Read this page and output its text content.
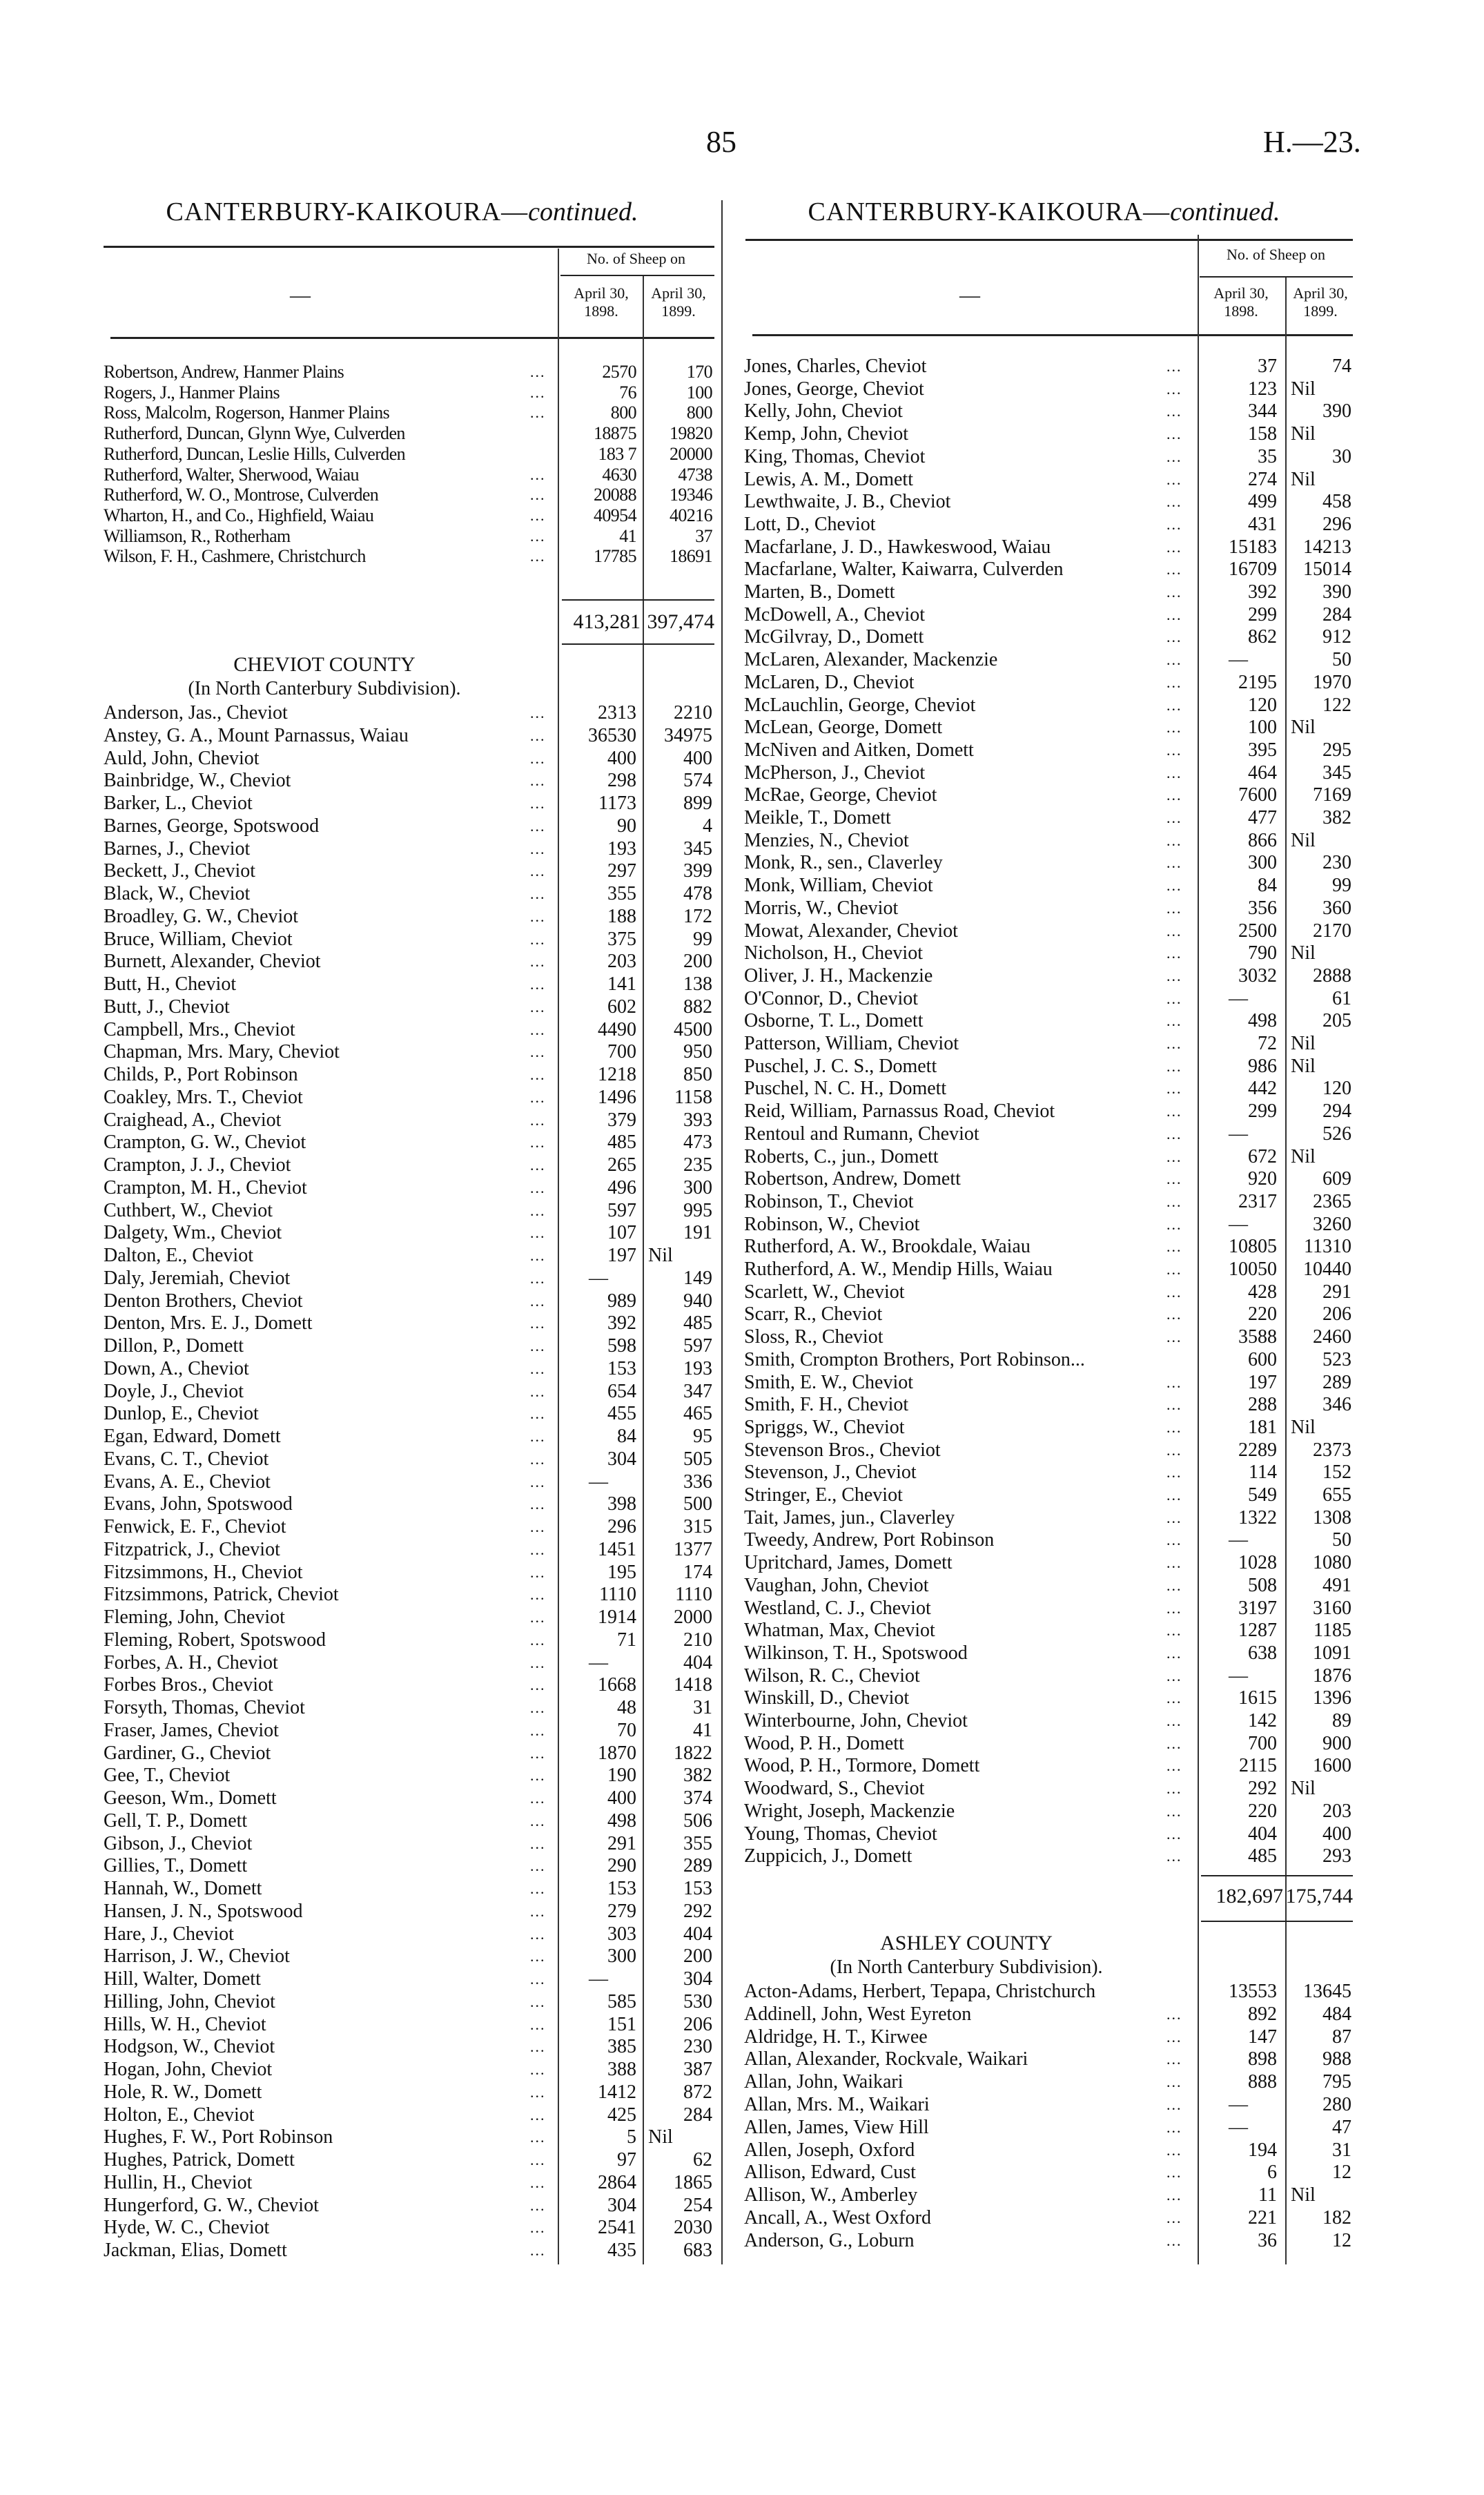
85	H.—23.
CANTERBURY-KAIKOURA—continued.
No. of Sheep on
—	April 30, 1898.
April 30, 1899.
Robertson, Andrew, Hanmer Plains	...	2570	170
Rogers, J., Hanmer Plains	...	76	100
Ross, Malcolm, Rogerson, Hanmer Plains	...	800	800
Rutherford, Duncan, Glynn Wye, Culverden	18875	19820
Rutherford, Duncan, Leslie Hills, Culverden	183 7	20000
Rutherford, Walter, Sherwood, Waiau	...	4630	4738
Rutherford, W. O., Montrose, Culverden	...	20088	19346
Wharton, H., and Co., Highfield, Waiau	...	40954	40216
Williamson, R., Rotherham	...	41	37
Wilson, F. H., Cashmere, Christchurch	...	17785	18691
413,281 397,474
CHEVIOT COUNTY
(In North Canterbury Subdivision).
Anderson, Jas., Cheviot	...	2313	2210
Anstey, G. A., Mount Parnassus, Waiau	...	36530	34975
Auld, John, Cheviot	...	400	400
Bainbridge, W., Cheviot	...	298	574
Barker, L., Cheviot	...	1173	899
Barnes, George, Spotswood	...	90	4
Barnes, J., Cheviot	...	193	345
Beckett, J., Cheviot	...	297	399
Black, W., Cheviot	...	355	478
Broadley, G. W., Cheviot	...	188	172
Bruce, William, Cheviot	...	375	99
Burnett, Alexander, Cheviot	...	203	200
Butt, H., Cheviot	...	141	138
Butt, J., Cheviot	...	602	882
Campbell, Mrs., Cheviot	...	4490	4500
Chapman, Mrs. Mary, Cheviot	...	700	950
Childs, P., Port Robinson	...	1218	850
Coakley, Mrs. T., Cheviot	...	1496	1158
Craighead, A., Cheviot	...	379	393
Crampton, G. W., Cheviot	...	485	473
Crampton, J. J., Cheviot	...	265	235
Crampton, M. H., Cheviot	...	496	300
Cuthbert, W., Cheviot	...	597	995
Dalgety, Wm., Cheviot	...	107	191
Dalton, E., Cheviot	...	197 Nil
Daly, Jeremiah, Cheviot	...	—	149
Denton Brothers, Cheviot	...	989	940
Denton, Mrs. E. J., Domett	...	392	485
Dillon, P., Domett	...	598	597
Down, A., Cheviot	...	153	193
Doyle, J., Cheviot	...	654	347
Dunlop, E., Cheviot	...	455	465
Egan, Edward, Domett	...	84	95
Evans, C. T., Cheviot	...	304	505
Evans, A. E., Cheviot	...	—	336
Evans, John, Spotswood	...	398	500
Fenwick, E. F., Cheviot	...	296	315
Fitzpatrick, J., Cheviot	...	1451	1377
Fitzsimmons, H., Cheviot	...	195	174
Fitzsimmons, Patrick, Cheviot	...	1110	1110
Fleming, John, Cheviot	...	1914	2000
Fleming, Robert, Spotswood	...	71	210
Forbes, A. H., Cheviot	...	—	404
Forbes Bros., Cheviot	...	1668	1418
Forsyth, Thomas, Cheviot	...	48	31
Fraser, James, Cheviot	...	70	41
Gardiner, G., Cheviot	...	1870	1822
Gee, T., Cheviot	...	190	382
Geeson, Wm., Domett	...	400	374
Gell, T. P., Domett	...	498	506
Gibson, J., Cheviot	...	291	355
Gillies, T., Domett	...	290	289
Hannah, W., Domett	...	153	153
Hansen, J. N., Spotswood	...	279	292
Hare, J., Cheviot	...	303	404
Harrison, J. W., Cheviot	...	300	200
Hill, Walter, Domett	...	—	304
Hilling, John, Cheviot	...	585	530
Hills, W. H., Cheviot	...	151	206
Hodgson, W., Cheviot	...	385	230
Hogan, John, Cheviot	...	388	387
Hole, R. W., Domett	...	1412	872
Holton, E., Cheviot	...	425	284
Hughes, F. W., Port Robinson	...	5 Nil
Hughes, Patrick, Domett	...	97	62
Hullin, H., Cheviot	...	2864	1865
Hungerford, G. W., Cheviot	...	304	254
Hyde, W. C., Cheviot	...	2541	2030
Jackman, Elias, Domett	...	435	683
CANTERBURY-KAIKOURA—continued.
No. of Sheep on
—	April 30, 1898.
April 30, 1899.
Jones, Charles, Cheviot	...	37	74
Jones, George, Cheviot	...	123 Nil
Kelly, John, Cheviot	...	344	390
Kemp, John, Cheviot	...	158 Nil
King, Thomas, Cheviot	...	35	30
Lewis, A. M., Domett	...	274 Nil
Lewthwaite, J. B., Cheviot	...	499	458
Lott, D., Cheviot	...	431	296
Macfarlane, J. D., Hawkeswood, Waiau	...	15183	14213
Macfarlane, Walter, Kaiwarra, Culverden	...	16709	15014
Marten, B., Domett	...	392	390
McDowell, A., Cheviot	...	299	284
McGilvray, D., Domett	...	862	912
McLaren, Alexander, Mackenzie	...	—	50
McLaren, D., Cheviot	...	2195	1970
McLauchlin, George, Cheviot	...	120	122
McLean, George, Domett	...	100 Nil
McNiven and Aitken, Domett	...	395	295
McPherson, J., Cheviot	...	464	345
McRae, George, Cheviot	...	7600	7169
Meikle, T., Domett	...	477	382
Menzies, N., Cheviot	...	866 Nil
Monk, R., sen., Claverley	...	300	230
Monk, William, Cheviot	...	84	99
Morris, W., Cheviot	...	356	360
Mowat, Alexander, Cheviot	...	2500	2170
Nicholson, H., Cheviot	...	790 Nil
Oliver, J. H., Mackenzie	...	3032	2888
O'Connor, D., Cheviot	...	—	61
Osborne, T. L., Domett	...	498	205
Patterson, William, Cheviot	...	72 Nil
Puschel, J. C. S., Domett	...	986 Nil
Puschel, N. C. H., Domett	...	442	120
Reid, William, Parnassus Road, Cheviot	...	299	294
Rentoul and Rumann, Cheviot	...	—	526
Roberts, C., jun., Domett	...	672 Nil
Robertson, Andrew, Domett	...	920	609
Robinson, T., Cheviot	...	2317	2365
Robinson, W., Cheviot	...	—	3260
Rutherford, A. W., Brookdale, Waiau	...	10805	11310
Rutherford, A. W., Mendip Hills, Waiau	...	10050	10440
Scarlett, W., Cheviot	...	428	291
Scarr, R., Cheviot	...	220	206
Sloss, R., Cheviot	...	3588	2460
Smith, Crompton Brothers, Port Robinson...	600	523
Smith, E. W., Cheviot	...	197	289
Smith, F. H., Cheviot	...	288	346
Spriggs, W., Cheviot	...	181 Nil
Stevenson Bros., Cheviot	...	2289	2373
Stevenson, J., Cheviot	...	114	152
Stringer, E., Cheviot	...	549	655
Tait, James, jun., Claverley	...	1322	1308
Tweedy, Andrew, Port Robinson	...	—	50
Upritchard, James, Domett	...	1028	1080
Vaughan, John, Cheviot	...	508	491
Westland, C. J., Cheviot	...	3197	3160
Whatman, Max, Cheviot	...	1287	1185
Wilkinson, T. H., Spotswood	...	638	1091
Wilson, R. C., Cheviot	...	—	1876
Winskill, D., Cheviot	...	1615	1396
Winterbourne, John, Cheviot	...	142	89
Wood, P. H., Domett	...	700	900
Wood, P. H., Tormore, Domett	...	2115	1600
Woodward, S., Cheviot	...	292 Nil
Wright, Joseph, Mackenzie	...	220	203
Young, Thomas, Cheviot	...	404	400
Zuppicich, J., Domett	...	485	293
182,697 175,744
ASHLEY COUNTY
(In North Canterbury Subdivision).
Acton-Adams, Herbert, Tepapa, Christchurch	13553	13645
Addinell, John, West Eyreton	...	892	484
Aldridge, H. T., Kirwee	...	147	87
Allan, Alexander, Rockvale, Waikari	...	898	988
Allan, John, Waikari	...	888	795
Allan, Mrs. M., Waikari	...	—	280
Allen, James, View Hill	...	—	47
Allen, Joseph, Oxford	...	194	31
Allison, Edward, Cust	...	6	12
Allison, W., Amberley	...	11 Nil
Ancall, A., West Oxford	...	221	182
Anderson, G., Loburn	...	36	12
